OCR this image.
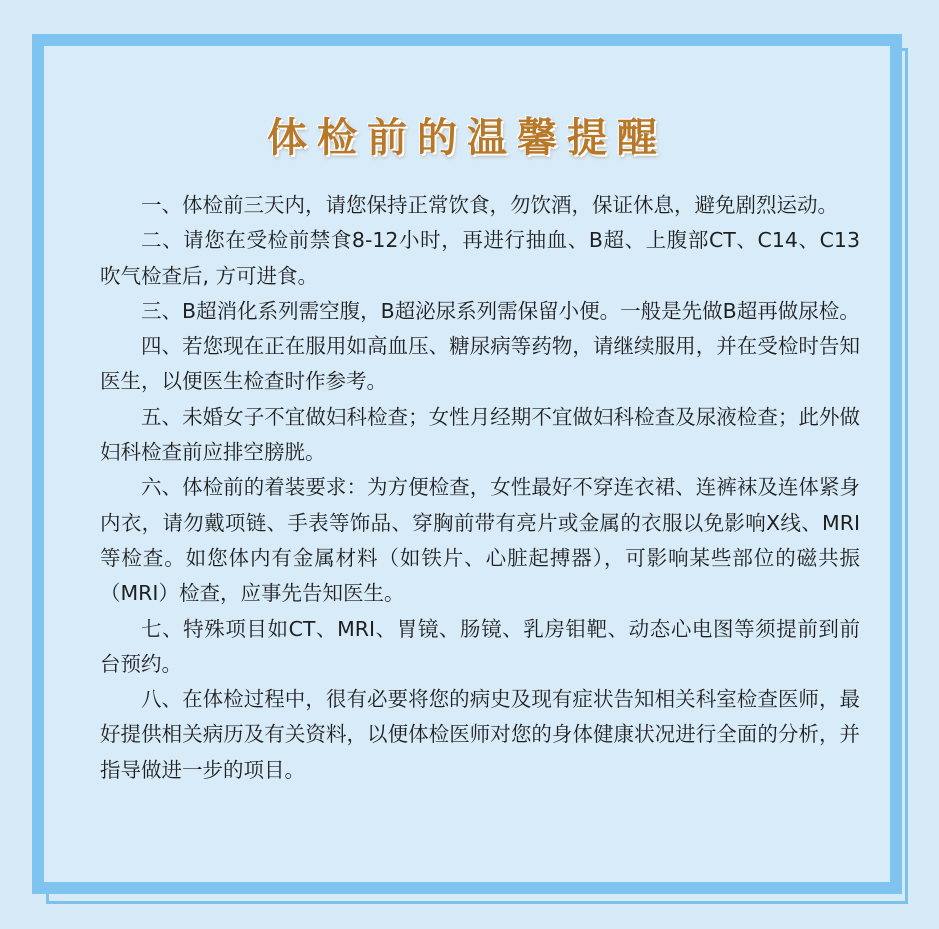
体检前的温馨提醒

一、体检前三天内，请您保持正常饮食，勿饮酒，保证休息，避免剧烈运动。

二、请您在受检前禁食8-12小时，再进行抽血、B超、上腹部CT、C14、C13吹气检查后, 方可进食。

三、B超消化系列需空腹，B超泌尿系列需保留小便。一般是先做B超再做尿检。

四、若您现在正在服用如高血压、糖尿病等药物，请继续服用，并在受检时告知医生，以便医生检查时作参考。

五、未婚女子不宜做妇科检查；女性月经期不宜做妇科检查及尿液检查；此外做妇科检查前应排空膀胱。

六、体检前的着装要求：为方便检查，女性最好不穿连衣裙、连裤袜及连体紧身内衣，请勿戴项链、手表等饰品、穿胸前带有亮片或金属的衣服以免影响X线、MRI等检查。如您体内有金属材料（如铁片、心脏起搏器），可影响某些部位的磁共振（MRI）检查，应事先告知医生。

七、特殊项目如CT、MRI、胃镜、肠镜、乳房钼靶、动态心电图等须提前到前台预约。

八、在体检过程中，很有必要将您的病史及现有症状告知相关科室检查医师，最好提供相关病历及有关资料，以便体检医师对您的身体健康状况进行全面的分析，并指导做进一步的项目。
